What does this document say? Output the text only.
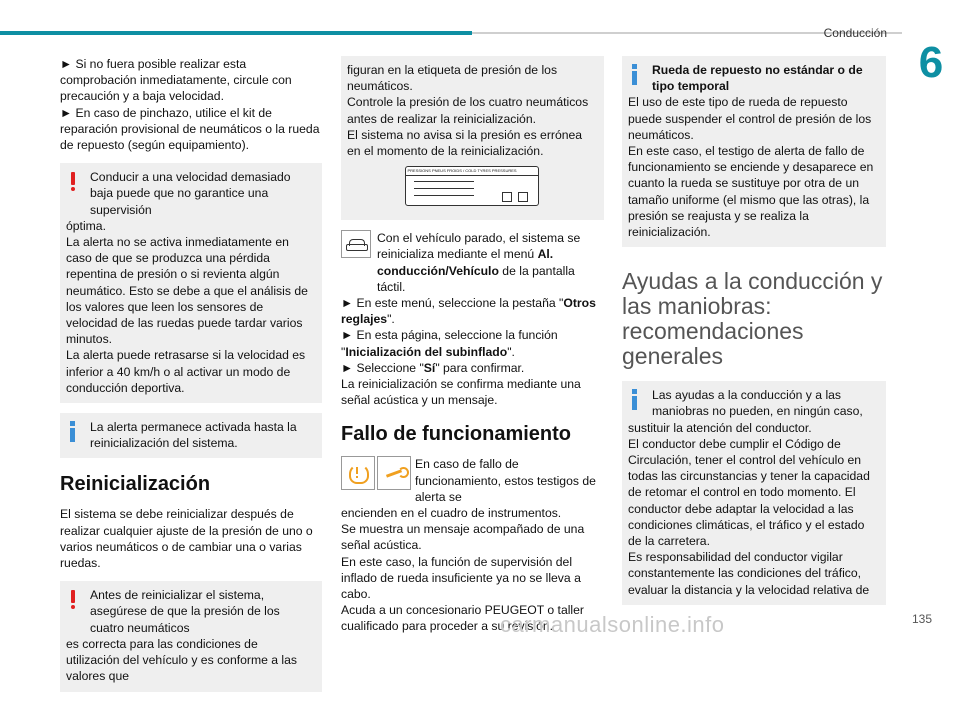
Conducción
6

► Si no fuera posible realizar esta comprobación inmediatamente, circule con precaución y a baja velocidad.

► En caso de pinchazo, utilice el kit de reparación provisional de neumáticos o la rueda de repuesto (según equipamiento).

Conducir a una velocidad demasiado baja puede que no garantice una supervisión
óptima.
La alerta no se activa inmediatamente en caso de que se produzca una pérdida repentina de presión o si revienta algún neumático. Esto se debe a que el análisis de los valores que leen los sensores de velocidad de las ruedas puede tardar varios minutos.
La alerta puede retrasarse si la velocidad es inferior a 40 km/h o al activar un modo de conducción deportiva.
La alerta permanece activada hasta la reinicialización del sistema.
Reinicialización

El sistema se debe reinicializar después de realizar cualquier ajuste de la presión de uno o varios neumáticos o de cambiar una o varias ruedas.

Antes de reinicializar el sistema, asegúrese de que la presión de los cuatro neumáticos
es correcta para las condiciones de utilización del vehículo y es conforme a las valores que
figuran en la etiqueta de presión de los neumáticos.
Controle la presión de los cuatro neumáticos antes de realizar la reinicialización.
El sistema no avisa si la presión es errónea en el momento de la reinicialización.
PRESSIONS PNEUS FROIDS / COLD TYRES PRESSURES
Con el vehículo parado, el sistema se reinicializa mediante el menú Al. conducción/Vehículo de la pantalla táctil.

► En este menú, seleccione la pestaña "Otros reglajes".

► En esta página, seleccione la función "Inicialización del subinflado".

► Seleccione "Sí" para confirmar.

La reinicialización se confirma mediante una señal acústica y un mensaje.

Fallo de funcionamiento

En caso de fallo de funcionamiento, estos testigos de alerta se

encienden en el cuadro de instrumentos.
Se muestra un mensaje acompañado de una señal acústica.
En este caso, la función de supervisión del inflado de rueda insuficiente ya no se lleva a cabo.
Acuda a un concesionario PEUGEOT o taller cualificado para proceder a su revisión.

Rueda de repuesto no estándar o de tipo temporal
El uso de este tipo de rueda de repuesto puede suspender el control de presión de los neumáticos.
En este caso, el testigo de alerta de fallo de funcionamiento se enciende y desaparece en cuanto la rueda se sustituye por otra de un tamaño uniforme (el mismo que las otras), la presión se reajusta y se realiza la reinicialización.
Ayudas a la conducción y las maniobras: recomendaciones generales
Las ayudas a la conducción y a las maniobras no pueden, en ningún caso,
sustituir la atención del conductor.
El conductor debe cumplir el Código de Circulación, tener el control del vehículo en todas las circunstancias y tener la capacidad de retomar el control en todo momento. El conductor debe adaptar la velocidad a las condiciones climáticas, el tráfico y el estado de la carretera.
Es responsabilidad del conductor vigilar constantemente las condiciones del tráfico, evaluar la distancia y la velocidad relativa de
carmanualsonline.info	135
